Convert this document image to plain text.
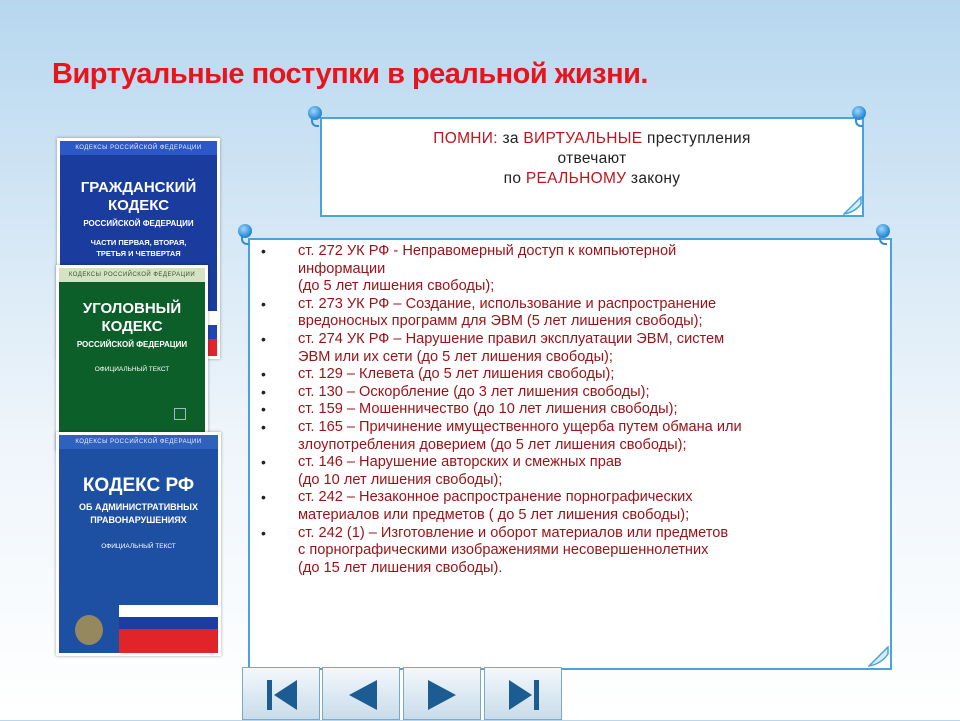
Виртуальные поступки в реальной жизни.
КОДЕКСЫ РОССИЙСКОЙ ФЕДЕРАЦИИ
ГРАЖДАНСКИЙ
КОДЕКС
РОССИЙСКОЙ ФЕДЕРАЦИИ
ЧАСТИ ПЕРВАЯ, ВТОРАЯ, ТРЕТЬЯ И ЧЕТВЕРТАЯ
КОДЕКСЫ РОССИЙСКОЙ ФЕДЕРАЦИИ
УГОЛОВНЫЙ
КОДЕКС
РОССИЙСКОЙ ФЕДЕРАЦИИ
ОФИЦИАЛЬНЫЙ ТЕКСТ
КОДЕКСЫ РОССИЙСКОЙ ФЕДЕРАЦИИ
КОДЕКС РФ
ОБ АДМИНИСТРАТИВНЫХ ПРАВОНАРУШЕНИЯХ
ОФИЦИАЛЬНЫЙ ТЕКСТ

ПОМНИ: за ВИРТУАЛЬНЫЕ преступления

отвечают

по РЕАЛЬНОМУ закону

• ст. 272 УК РФ - Неправомерный доступ к компьютерной
информации
(до 5 лет лишения свободы);
• ст. 273 УК РФ – Создание, использование и распространение
вредоносных программ для ЭВМ (5 лет лишения свободы);
• ст. 274 УК РФ – Нарушение правил эксплуатации ЭВМ, систем
ЭВМ или их сети (до 5 лет лишения свободы);
• ст. 129 – Клевета (до 5 лет лишения свободы);
• ст. 130 – Оскорбление (до 3 лет лишения свободы);
• ст. 159 – Мошенничество (до 10 лет лишения свободы);
• ст. 165 – Причинение имущественного ущерба путем обмана или
злоупотребления доверием (до 5 лет лишения свободы);
• ст. 146 – Нарушение авторских и смежных прав
(до 10 лет лишения свободы);
• ст. 242 – Незаконное распространение порнографических
материалов или предметов ( до 5 лет лишения свободы);
• ст. 242 (1) – Изготовление и оборот материалов или предметов
с порнографическими изображениями несовершеннолетних
(до 15 лет лишения свободы).
